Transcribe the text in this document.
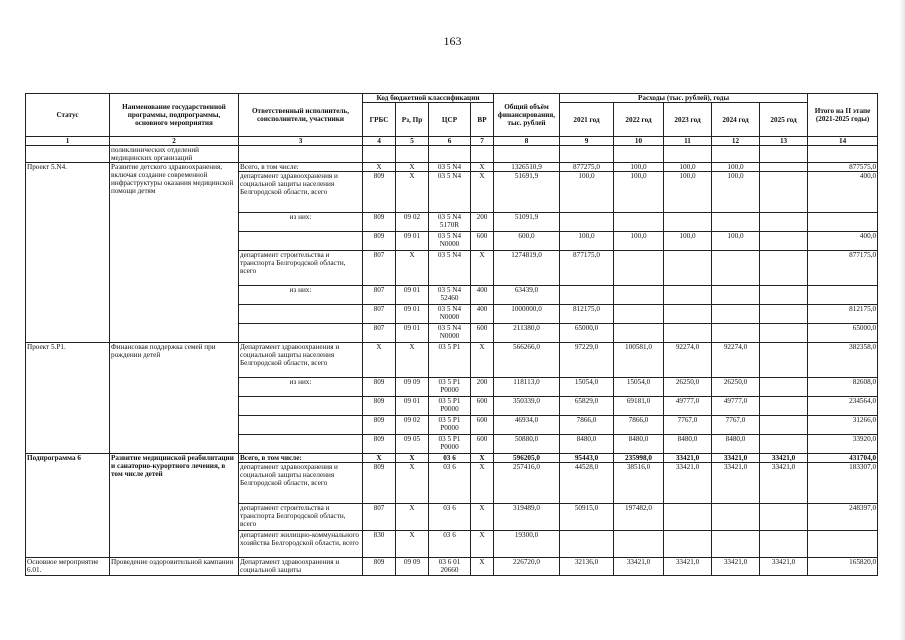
163
Статус	Наименование государственной программы, подпрограммы, основного мероприятия	Ответственный исполнитель, соисполнители, участники	Код бюджетной классификации				Общий объём финансирования, тыс. рублей	Расходы (тыс. рублей), годы					Итого на II этапе (2021-2025 годы)
			ГРБС	Рз, Пр	ЦСР	ВР		2021 год	2022 год	2023 год	2024 год	2025 год	
1	2	3	4	5	6	7	8	9	10	11	12	13	14
	поликлинических отделений медицинских организаций												
Проект 5.N4.	Развитие детского здравоохранения, включая создание современной инфраструктуры оказания медицинской помощи детям	Всего, в том числе:	X	X	03 5 N4	X	1326510,9	877275,0	100,0	100,0	100,0		877575,0
		департамент здравоохранения и социальной защиты населения Белгородской области, всего	809	X	03 5 N4	X	51691,9	100,0	100,0	100,0	100,0		400,0
		из них:	809	09 02	03 5 N4 5170R	200	51091,9						
			809	09 01	03 5 N4 N0000	600	600,0	100,0	100,0	100,0	100,0		400,0
		департамент строительства и транспорта Белгородской области, всего	807	X	03 5 N4	X	1274819,0	877175,0					877175,0
		из них:	807	09 01	03 5 N4 52460	400	63439,0						
			807	09 01	03 5 N4 N0000	400	1000000,0	812175,0					812175,0
			807	09 01	03 5 N4 N0000	600	211380,0	65000,0					65000,0
Проект 5.Р1.	Финансовая поддержка семей при рождении детей	Департамент здравоохранения и социальной защиты населения Белгородской области, всего	X	X	03 5 Р1	X	566266,0	97229,0	100581,0	92274,0	92274,0		382358,0
		из них:	809	09 09	03 5 Р1 Р0000	200	118113,0	15054,0	15054,0	26250,0	26250,0		82608,0
			809	09 01	03 5 Р1 Р0000	600	350339,0	65829,0	69181,0	49777,0	49777,0		234564,0
			809	09 02	03 5 Р1 Р0000	600	46934,0	7866,0	7866,0	7767,0	7767,0		31266,0
			809	09 05	03 5 Р1 Р0000	600	50880,0	8480,0	8480,0	8480,0	8480,0		33920,0
Подпрограмма 6	Развитие медицинской реабилитации и санаторно-курортного лечения, в том числе детей	Всего, в том числе:	X	X	03 6	X	596205,0	95443,0	235998,0	33421,0	33421,0	33421,0	431704,0
		департамент здравоохранения и социальной защиты населения Белгородской области, всего	809	X	03 6	X	257416,0	44528,0	38516,0	33421,0	33421,0	33421,0	183307,0
		департамент строительства и транспорта Белгородской области, всего	807	X	03 6	X	319489,0	50915,0	197482,0				248397,0
		департамент жилищно-коммунального хозяйства Белгородской области, всего	830	X	03 6	X	19300,0						
Основное мероприятие 6.01.	Проведение оздоровительной кампании	Департамент здравоохранения и социальной защиты	809	09 09	03 6 01 20660	X	226720,0	32136,0	33421,0	33421,0	33421,0	33421,0	165820,0
